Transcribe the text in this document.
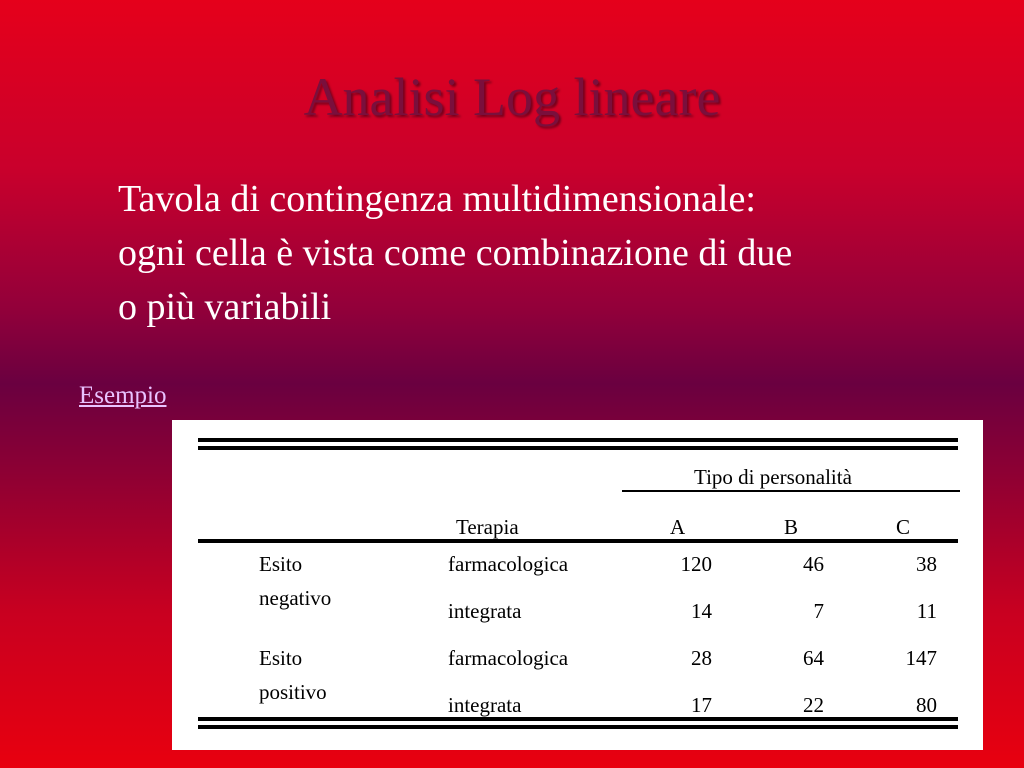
Analisi Log lineare
Tavola di contingenza multidimensionale:
ogni cella è vista come combinazione di due
o più variabili
Esempio
Tipo di personalità
Terapia	A	B	C
Esito
negativo
farmacologica	120	46	38
integrata	14	7	11
Esito
positivo
farmacologica	28	64	147
integrata	17	22	80
